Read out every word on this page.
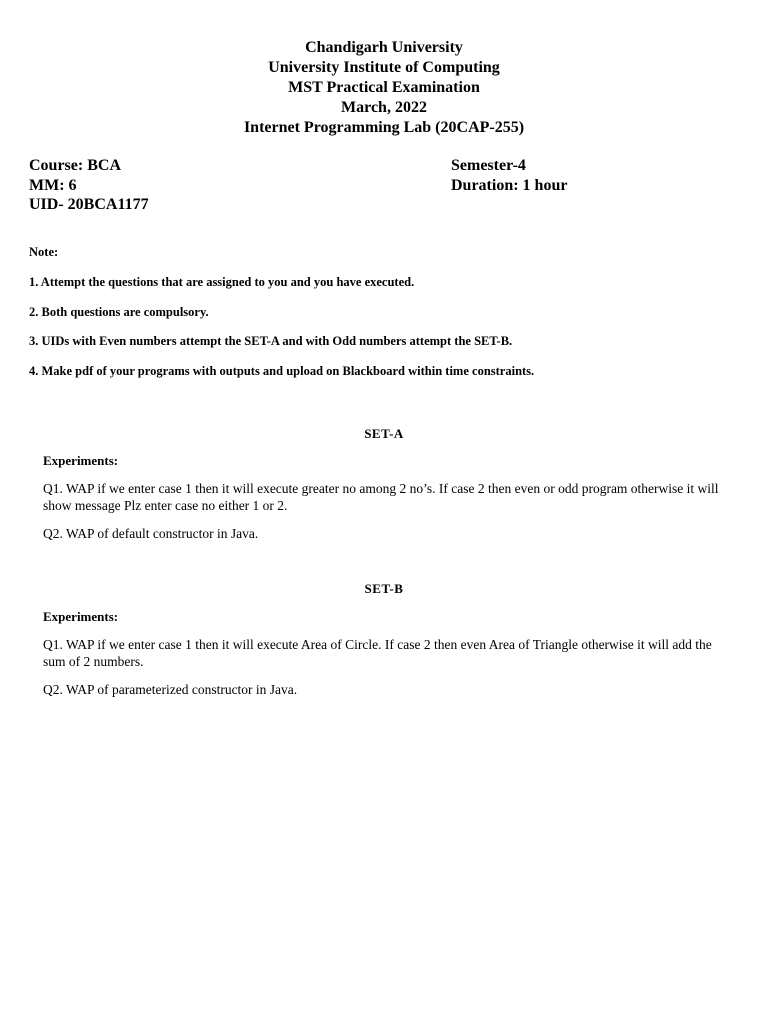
Chandigarh University
University Institute of Computing
MST Practical Examination
March, 2022
Internet Programming Lab (20CAP-255)
Course: BCA	Semester-4
MM: 6	Duration: 1 hour
UID- 20BCA1177
Note:
1. Attempt the questions that are assigned to you and you have executed.
2. Both questions are compulsory.
3. UIDs with Even numbers attempt the SET-A and with Odd numbers attempt the SET-B.
4. Make pdf of your programs with outputs and upload on Blackboard within time constraints.
SET-A
Experiments:
Q1. WAP if we enter case 1 then it will execute greater no among 2 no’s. If case 2 then even or odd program otherwise it will show message Plz enter case no either 1 or 2.
Q2. WAP of default constructor in Java.
SET-B
Experiments:
Q1. WAP if we enter case 1 then it will execute Area of Circle. If case 2 then even Area of Triangle otherwise it will add the sum of 2 numbers.
Q2. WAP of parameterized constructor in Java.
